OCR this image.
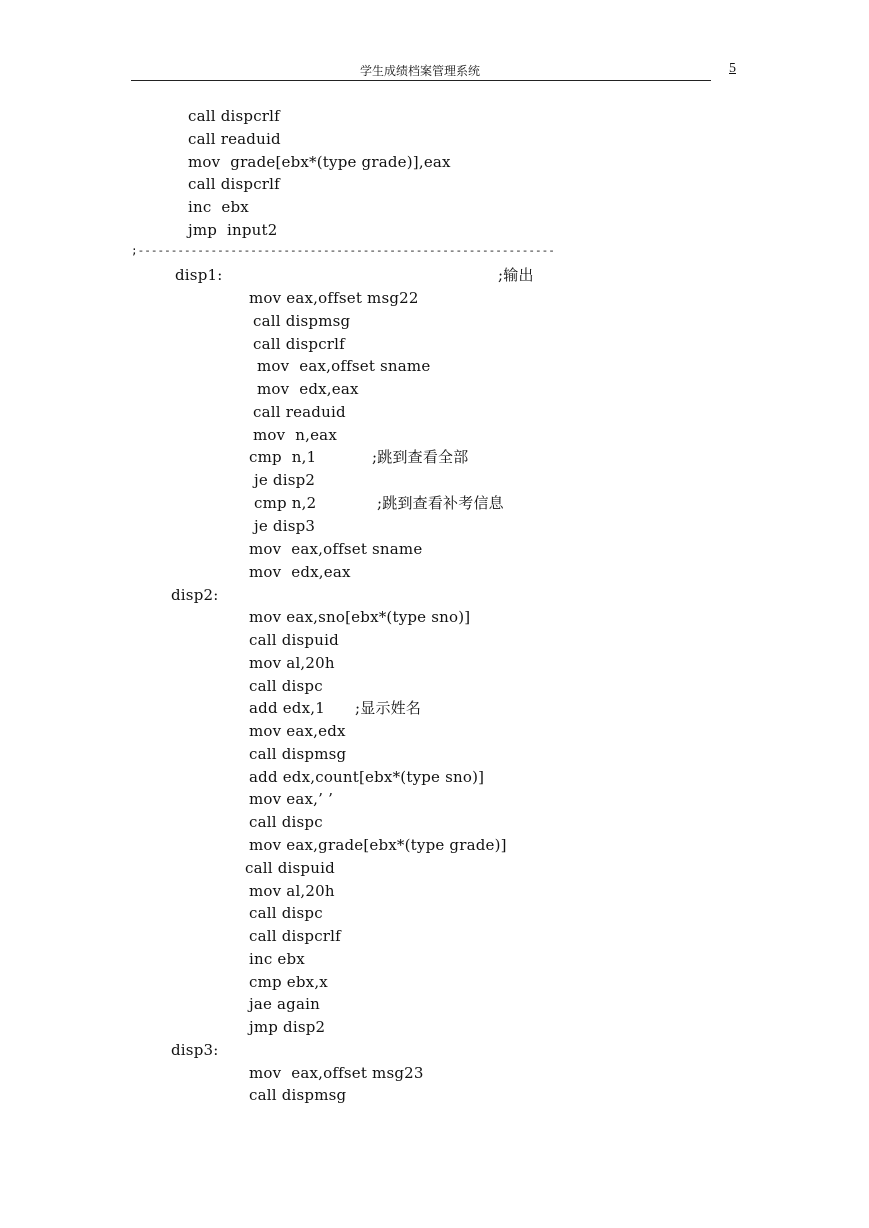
学生成绩档案管理系统	5
call dispcrlf
call readuid
mov  grade[ebx*(type grade)],eax
call dispcrlf
inc  ebx
jmp  input2
;---------------------------------------------------------------
disp1:	;输出
mov eax,offset msg22
call dispmsg
call dispcrlf
mov  eax,offset sname
mov  edx,eax
call readuid
mov  n,eax
cmp  n,1	;跳到查看全部
je disp2
cmp n,2	;跳到查看补考信息
je disp3
mov  eax,offset sname
mov  edx,eax
disp2:
mov eax,sno[ebx*(type sno)]
call dispuid
mov al,20h
call dispc
add edx,1 ;显示姓名
mov eax,edx
call dispmsg
add edx,count[ebx*(type sno)]
mov eax,’ ’
call dispc
mov eax,grade[ebx*(type grade)]
call dispuid
mov al,20h
call dispc
call dispcrlf
inc ebx
cmp ebx,x
jae again
jmp disp2
disp3:
mov  eax,offset msg23
call dispmsg
